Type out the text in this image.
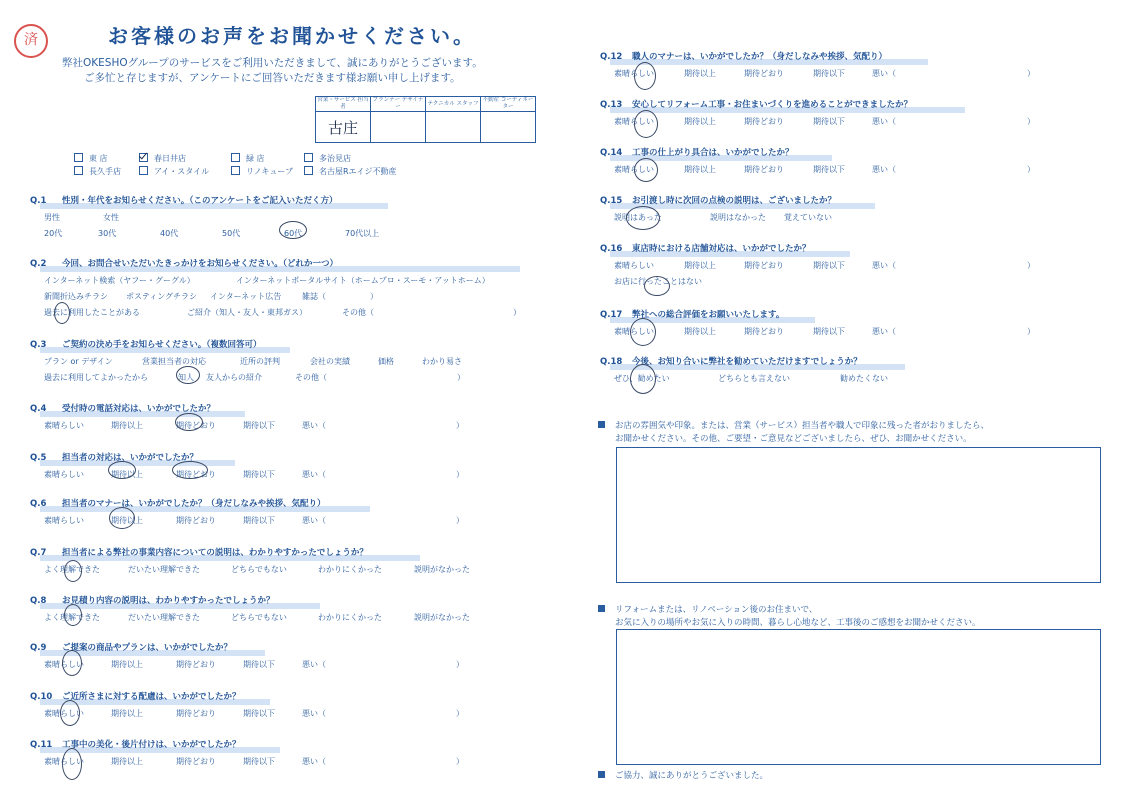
済	お客様のお声をお聞かせください。
弊社OKESHOグループのサービスをご利用いただきまして、誠にありがとうございます。
ご多忙と存じますが、アンケートにご回答いただきます様お願い申し上げます。
営業・サービス 担当者	プランナー デザイナー	テクニカル スタッフ	不動産 コーディネーター
古庄			
東 店	春日井店	緑 店	多治見店
長久手店	アイ・スタイル	リノキューブ	名古屋Rエイジ不動産
Q.1 性別・年代をお知らせください。（このアンケートをご記入いただく方）
男性	女性
20代	30代	40代	50代	60代	70代以上
Q.2 今回、お問合せいただいたきっかけをお知らせください。（どれか一つ）
インターネット検索（ヤフー・グーグル）	インターネットポータルサイト（ホームプロ・スーモ・アットホーム）
新聞折込みチラシ ポスティングチラシ インターネット広告	雑誌（	）
過去に利用したことがある	ご紹介（知人・友人・東邦ガス）	その他（	）
Q.3 ご契約の決め手をお知らせください。（複数回答可）
プラン or デザイン	営業担当者の対応	近所の評判	会社の実績	価格	わかり易さ
過去に利用してよかったから	知人 友人からの紹介	その他（	）
Q.4 受付時の電話対応は、いかがでしたか？
素晴らしい	期待以上	期待どおり	期待以下	悪い（	）
Q.5 担当者の対応は、いかがでしたか？
素晴らしい	期待以上	期待どおり	期待以下	悪い（	）
Q.6 担当者のマナーは、いかがでしたか？（身だしなみや挨拶、気配り）
素晴らしい	期待以上	期待どおり	期待以下	悪い（	）
Q.7 担当者による弊社の事業内容についての説明は、わかりやすかったでしょうか？
よく理解できた	だいたい理解できた	どちらでもない	わかりにくかった	説明がなかった
Q.8 お見積り内容の説明は、わかりやすかったでしょうか？
よく理解できた	だいたい理解できた	どちらでもない	わかりにくかった	説明がなかった
Q.9 ご提案の商品やプランは、いかがでしたか？
素晴らしい	期待以上	期待どおり	期待以下	悪い（	）
Q.10 ご近所さまに対する配慮は、いかがでしたか？
素晴らしい	期待以上	期待どおり	期待以下	悪い（	）
Q.11 工事中の美化・後片付けは、いかがでしたか？
素晴らしい	期待以上	期待どおり	期待以下	悪い（	）
Q.12 職人のマナーは、いかがでしたか？（身だしなみや挨拶、気配り）
素晴らしい	期待以上	期待どおり	期待以下	悪い（	）
Q.13 安心してリフォーム工事・お住まいづくりを進めることができましたか？
素晴らしい	期待以上	期待どおり	期待以下	悪い（	）
Q.14 工事の仕上がり具合は、いかがでしたか？
素晴らしい	期待以上	期待どおり	期待以下	悪い（	）
Q.15 お引渡し時に次回の点検の説明は、ございましたか？
説明はあった	説明はなかった 覚えていない
Q.16 東店時における店舗対応は、いかがでしたか？
素晴らしい	期待以上	期待どおり	期待以下	悪い（	）
お店に行ったことはない
Q.17 弊社への総合評価をお願いいたします。
素晴らしい	期待以上	期待どおり	期待以下	悪い（	）
Q.18 今後、お知り合いに弊社を勧めていただけますでしょうか？
ぜひ、勧めたい	どちらとも言えない	勧めたくない
お店の雰囲気や印象。または、営業（サービス）担当者や職人で印象に残った者がおりましたら、
お聞かせください。その他、ご要望・ご意見などございましたら、ぜひ、お聞かせください。
リフォームまたは、リノベーション後のお住まいで、
お気に入りの場所やお気に入りの時間、暮らし心地など、工事後のご感想をお聞かせください。
ご協力、誠にありがとうございました。
